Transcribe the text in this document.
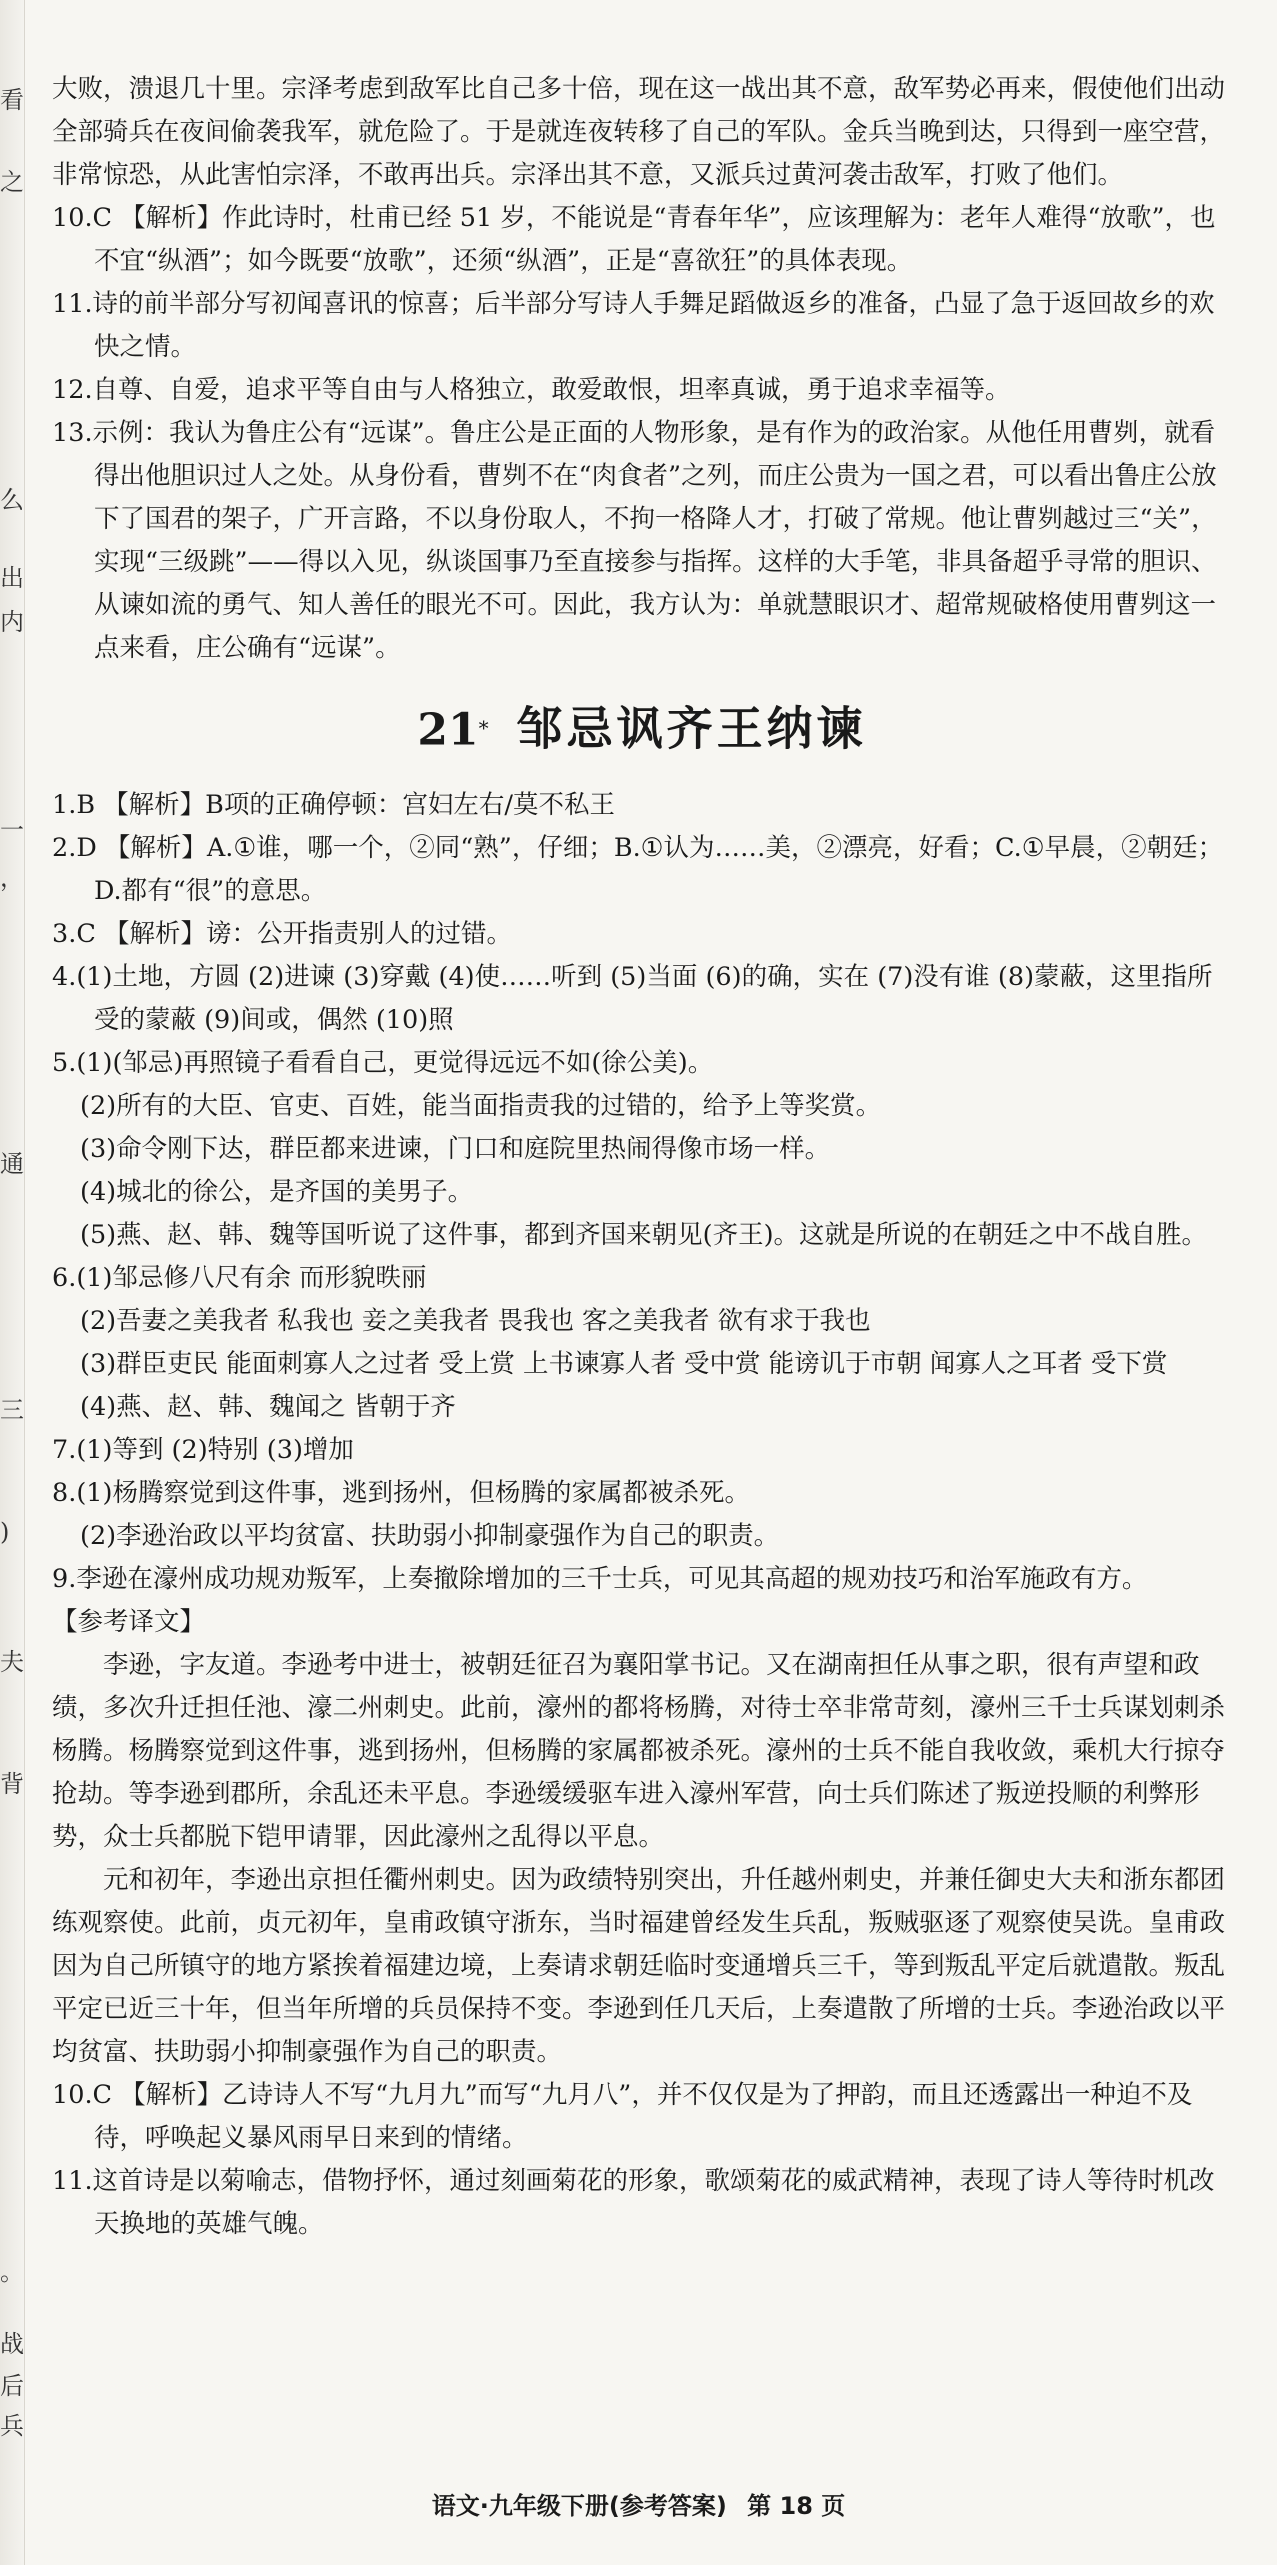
看
之
么
出
内
一
，
通
三
)
夫
背
。
战
后
兵

大败，溃退几十里。宗泽考虑到敌军比自己多十倍，现在这一战出其不意，敌军势必再来，假使他们出动全部骑兵在夜间偷袭我军，就危险了。于是就连夜转移了自己的军队。金兵当晚到达，只得到一座空营，非常惊恐，从此害怕宗泽，不敢再出兵。宗泽出其不意，又派兵过黄河袭击敌军，打败了他们。

10.C 【解析】作此诗时，杜甫已经 51 岁，不能说是“青春年华”，应该理解为：老年人难得“放歌”，也不宜“纵酒”；如今既要“放歌”，还须“纵酒”，正是“喜欲狂”的具体表现。

11.诗的前半部分写初闻喜讯的惊喜；后半部分写诗人手舞足蹈做返乡的准备，凸显了急于返回故乡的欢快之情。

12.自尊、自爱，追求平等自由与人格独立，敢爱敢恨，坦率真诚，勇于追求幸福等。

13.示例：我认为鲁庄公有“远谋”。鲁庄公是正面的人物形象，是有作为的政治家。从他任用曹刿，就看得出他胆识过人之处。从身份看，曹刿不在“肉食者”之列，而庄公贵为一国之君，可以看出鲁庄公放下了国君的架子，广开言路，不以身份取人，不拘一格降人才，打破了常规。他让曹刿越过三“关”，实现“三级跳”——得以入见，纵谈国事乃至直接参与指挥。这样的大手笔，非具备超乎寻常的胆识、从谏如流的勇气、知人善任的眼光不可。因此，我方认为：单就慧眼识才、超常规破格使用曹刿这一点来看，庄公确有“远谋”。

21* 邹忌讽齐王纳谏

1.B 【解析】B项的正确停顿：宫妇左右/莫不私王

2.D 【解析】A.①谁，哪一个，②同“熟”，仔细；B.①认为……美，②漂亮，好看；C.①早晨，②朝廷；D.都有“很”的意思。

3.C 【解析】谤：公开指责别人的过错。

4.(1)土地，方圆 (2)进谏 (3)穿戴 (4)使……听到 (5)当面 (6)的确，实在 (7)没有谁 (8)蒙蔽，这里指所受的蒙蔽 (9)间或，偶然 (10)照

5.(1)(邹忌)再照镜子看看自己，更觉得远远不如(徐公美)。

(2)所有的大臣、官吏、百姓，能当面指责我的过错的，给予上等奖赏。

(3)命令刚下达，群臣都来进谏，门口和庭院里热闹得像市场一样。

(4)城北的徐公，是齐国的美男子。

(5)燕、赵、韩、魏等国听说了这件事，都到齐国来朝见(齐王)。这就是所说的在朝廷之中不战自胜。

6.(1)邹忌修八尺有余 而形貌昳丽

(2)吾妻之美我者 私我也 妾之美我者 畏我也 客之美我者 欲有求于我也

(3)群臣吏民 能面刺寡人之过者 受上赏 上书谏寡人者 受中赏 能谤讥于市朝 闻寡人之耳者 受下赏

(4)燕、赵、韩、魏闻之 皆朝于齐

7.(1)等到 (2)特别 (3)增加

8.(1)杨腾察觉到这件事，逃到扬州，但杨腾的家属都被杀死。

(2)李逊治政以平均贫富、扶助弱小抑制豪强作为自己的职责。

9.李逊在濠州成功规劝叛军，上奏撤除增加的三千士兵，可见其高超的规劝技巧和治军施政有方。

【参考译文】

李逊，字友道。李逊考中进士，被朝廷征召为襄阳掌书记。又在湖南担任从事之职，很有声望和政绩，多次升迁担任池、濠二州刺史。此前，濠州的都将杨腾，对待士卒非常苛刻，濠州三千士兵谋划刺杀杨腾。杨腾察觉到这件事，逃到扬州，但杨腾的家属都被杀死。濠州的士兵不能自我收敛，乘机大行掠夺抢劫。等李逊到郡所，余乱还未平息。李逊缓缓驱车进入濠州军营，向士兵们陈述了叛逆投顺的利弊形势，众士兵都脱下铠甲请罪，因此濠州之乱得以平息。

元和初年，李逊出京担任衢州刺史。因为政绩特别突出，升任越州刺史，并兼任御史大夫和浙东都团练观察使。此前，贞元初年，皇甫政镇守浙东，当时福建曾经发生兵乱，叛贼驱逐了观察使吴诜。皇甫政因为自己所镇守的地方紧挨着福建边境，上奏请求朝廷临时变通增兵三千，等到叛乱平定后就遣散。叛乱平定已近三十年，但当年所增的兵员保持不变。李逊到任几天后，上奏遣散了所增的士兵。李逊治政以平均贫富、扶助弱小抑制豪强作为自己的职责。

10.C 【解析】乙诗诗人不写“九月九”而写“九月八”，并不仅仅是为了押韵，而且还透露出一种迫不及待，呼唤起义暴风雨早日来到的情绪。

11.这首诗是以菊喻志，借物抒怀，通过刻画菊花的形象，歌颂菊花的威武精神，表现了诗人等待时机改天换地的英雄气魄。

语文·九年级下册(参考答案) 第 18 页
